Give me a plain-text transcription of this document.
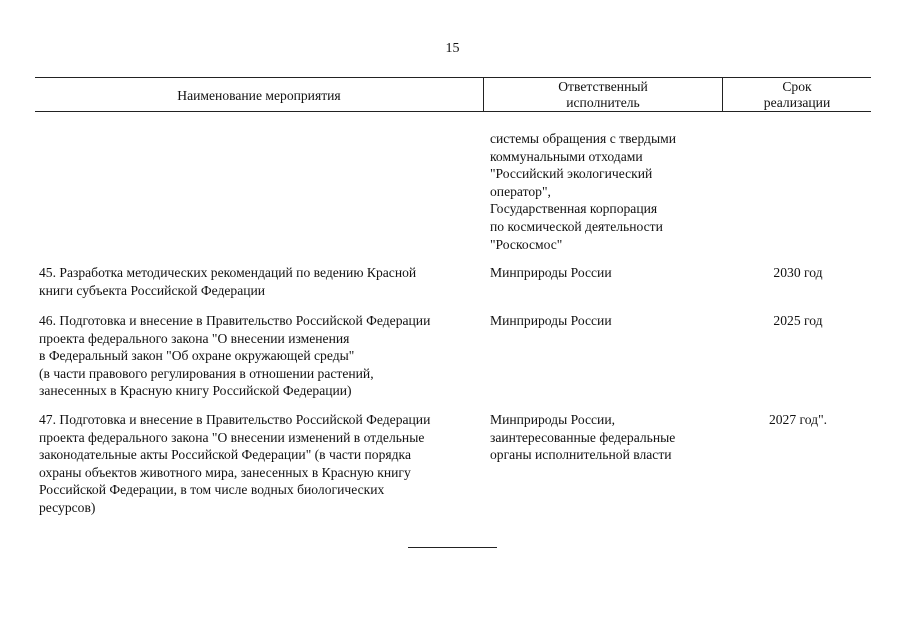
15
Наименование мероприятия
Ответственный
исполнитель
Срок
реализации
системы обращения с твердыми
коммунальными отходами
"Российский экологический
оператор",
Государственная корпорация
по космической деятельности
"Роскосмос"
45. Разработка методических рекомендаций по ведению Красной
книги субъекта Российской Федерации
Минприроды России	2030 год
46. Подготовка и внесение в Правительство Российской Федерации
проекта федерального закона "О внесении изменения
в Федеральный закон "Об охране окружающей среды"
(в части правового регулирования в отношении растений,
занесенных в Красную книгу Российской Федерации)
Минприроды России	2025 год
47. Подготовка и внесение в Правительство Российской Федерации
проекта федерального закона "О внесении изменений в отдельные
законодательные акты Российской Федерации" (в части порядка
охраны объектов животного мира, занесенных в Красную книгу
Российской Федерации, в том числе водных биологических
ресурсов)
Минприроды России,
заинтересованные федеральные
органы исполнительной власти
2027 год".
